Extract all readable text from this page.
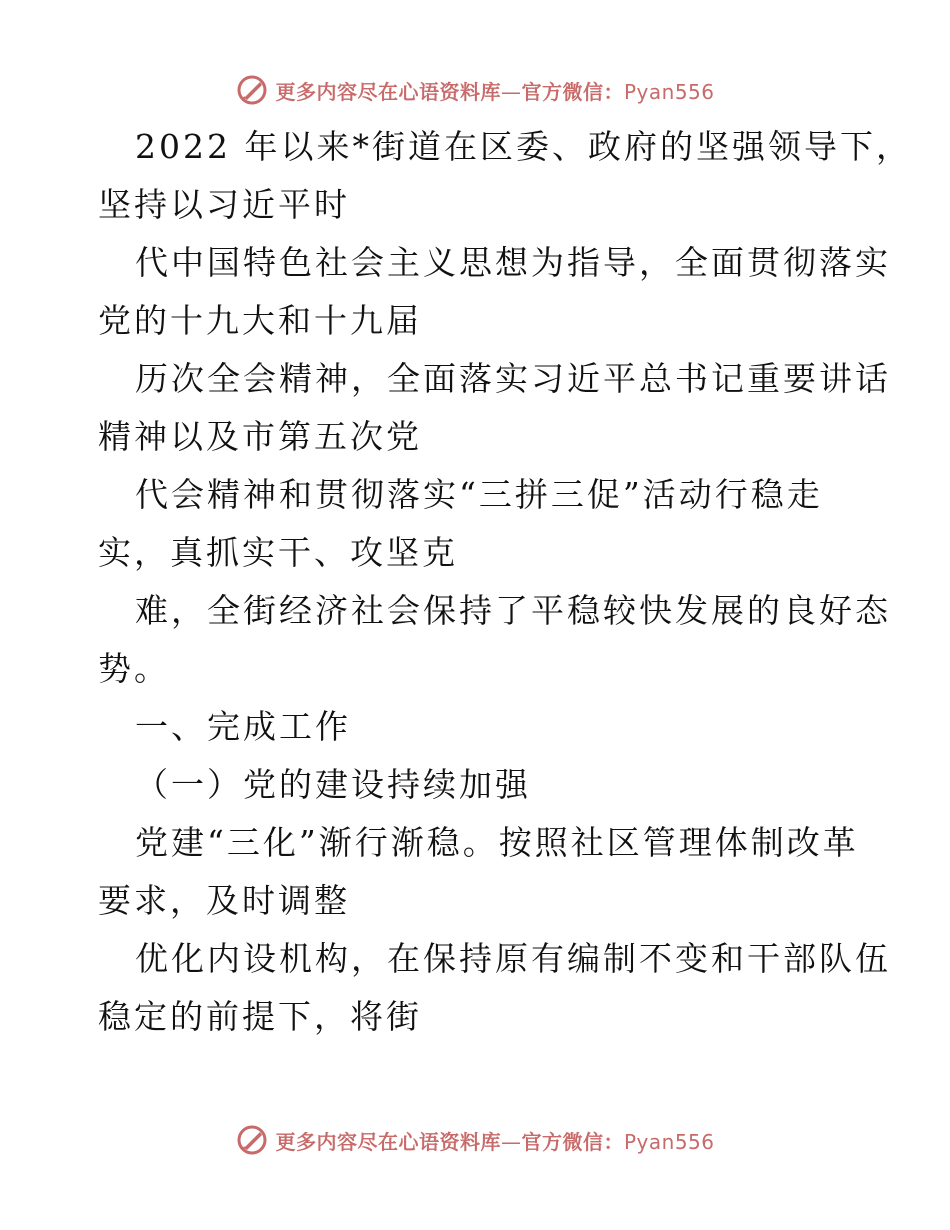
更多内容尽在心语资料库—官方微信：Pyan556
2022 年以来*街道在区委、政府的坚强领导下，
坚持以习近平时
代中国特色社会主义思想为指导，全面贯彻落实
党的十九大和十九届
历次全会精神，全面落实习近平总书记重要讲话
精神以及市第五次党
代会精神和贯彻落实“三拼三促”活动行稳走
实，真抓实干、攻坚克
难，全街经济社会保持了平稳较快发展的良好态
势。
一、完成工作
（一）党的建设持续加强
党建“三化”渐行渐稳。按照社区管理体制改革
要求，及时调整
优化内设机构，在保持原有编制不变和干部队伍
稳定的前提下，将街
更多内容尽在心语资料库—官方微信：Pyan556
